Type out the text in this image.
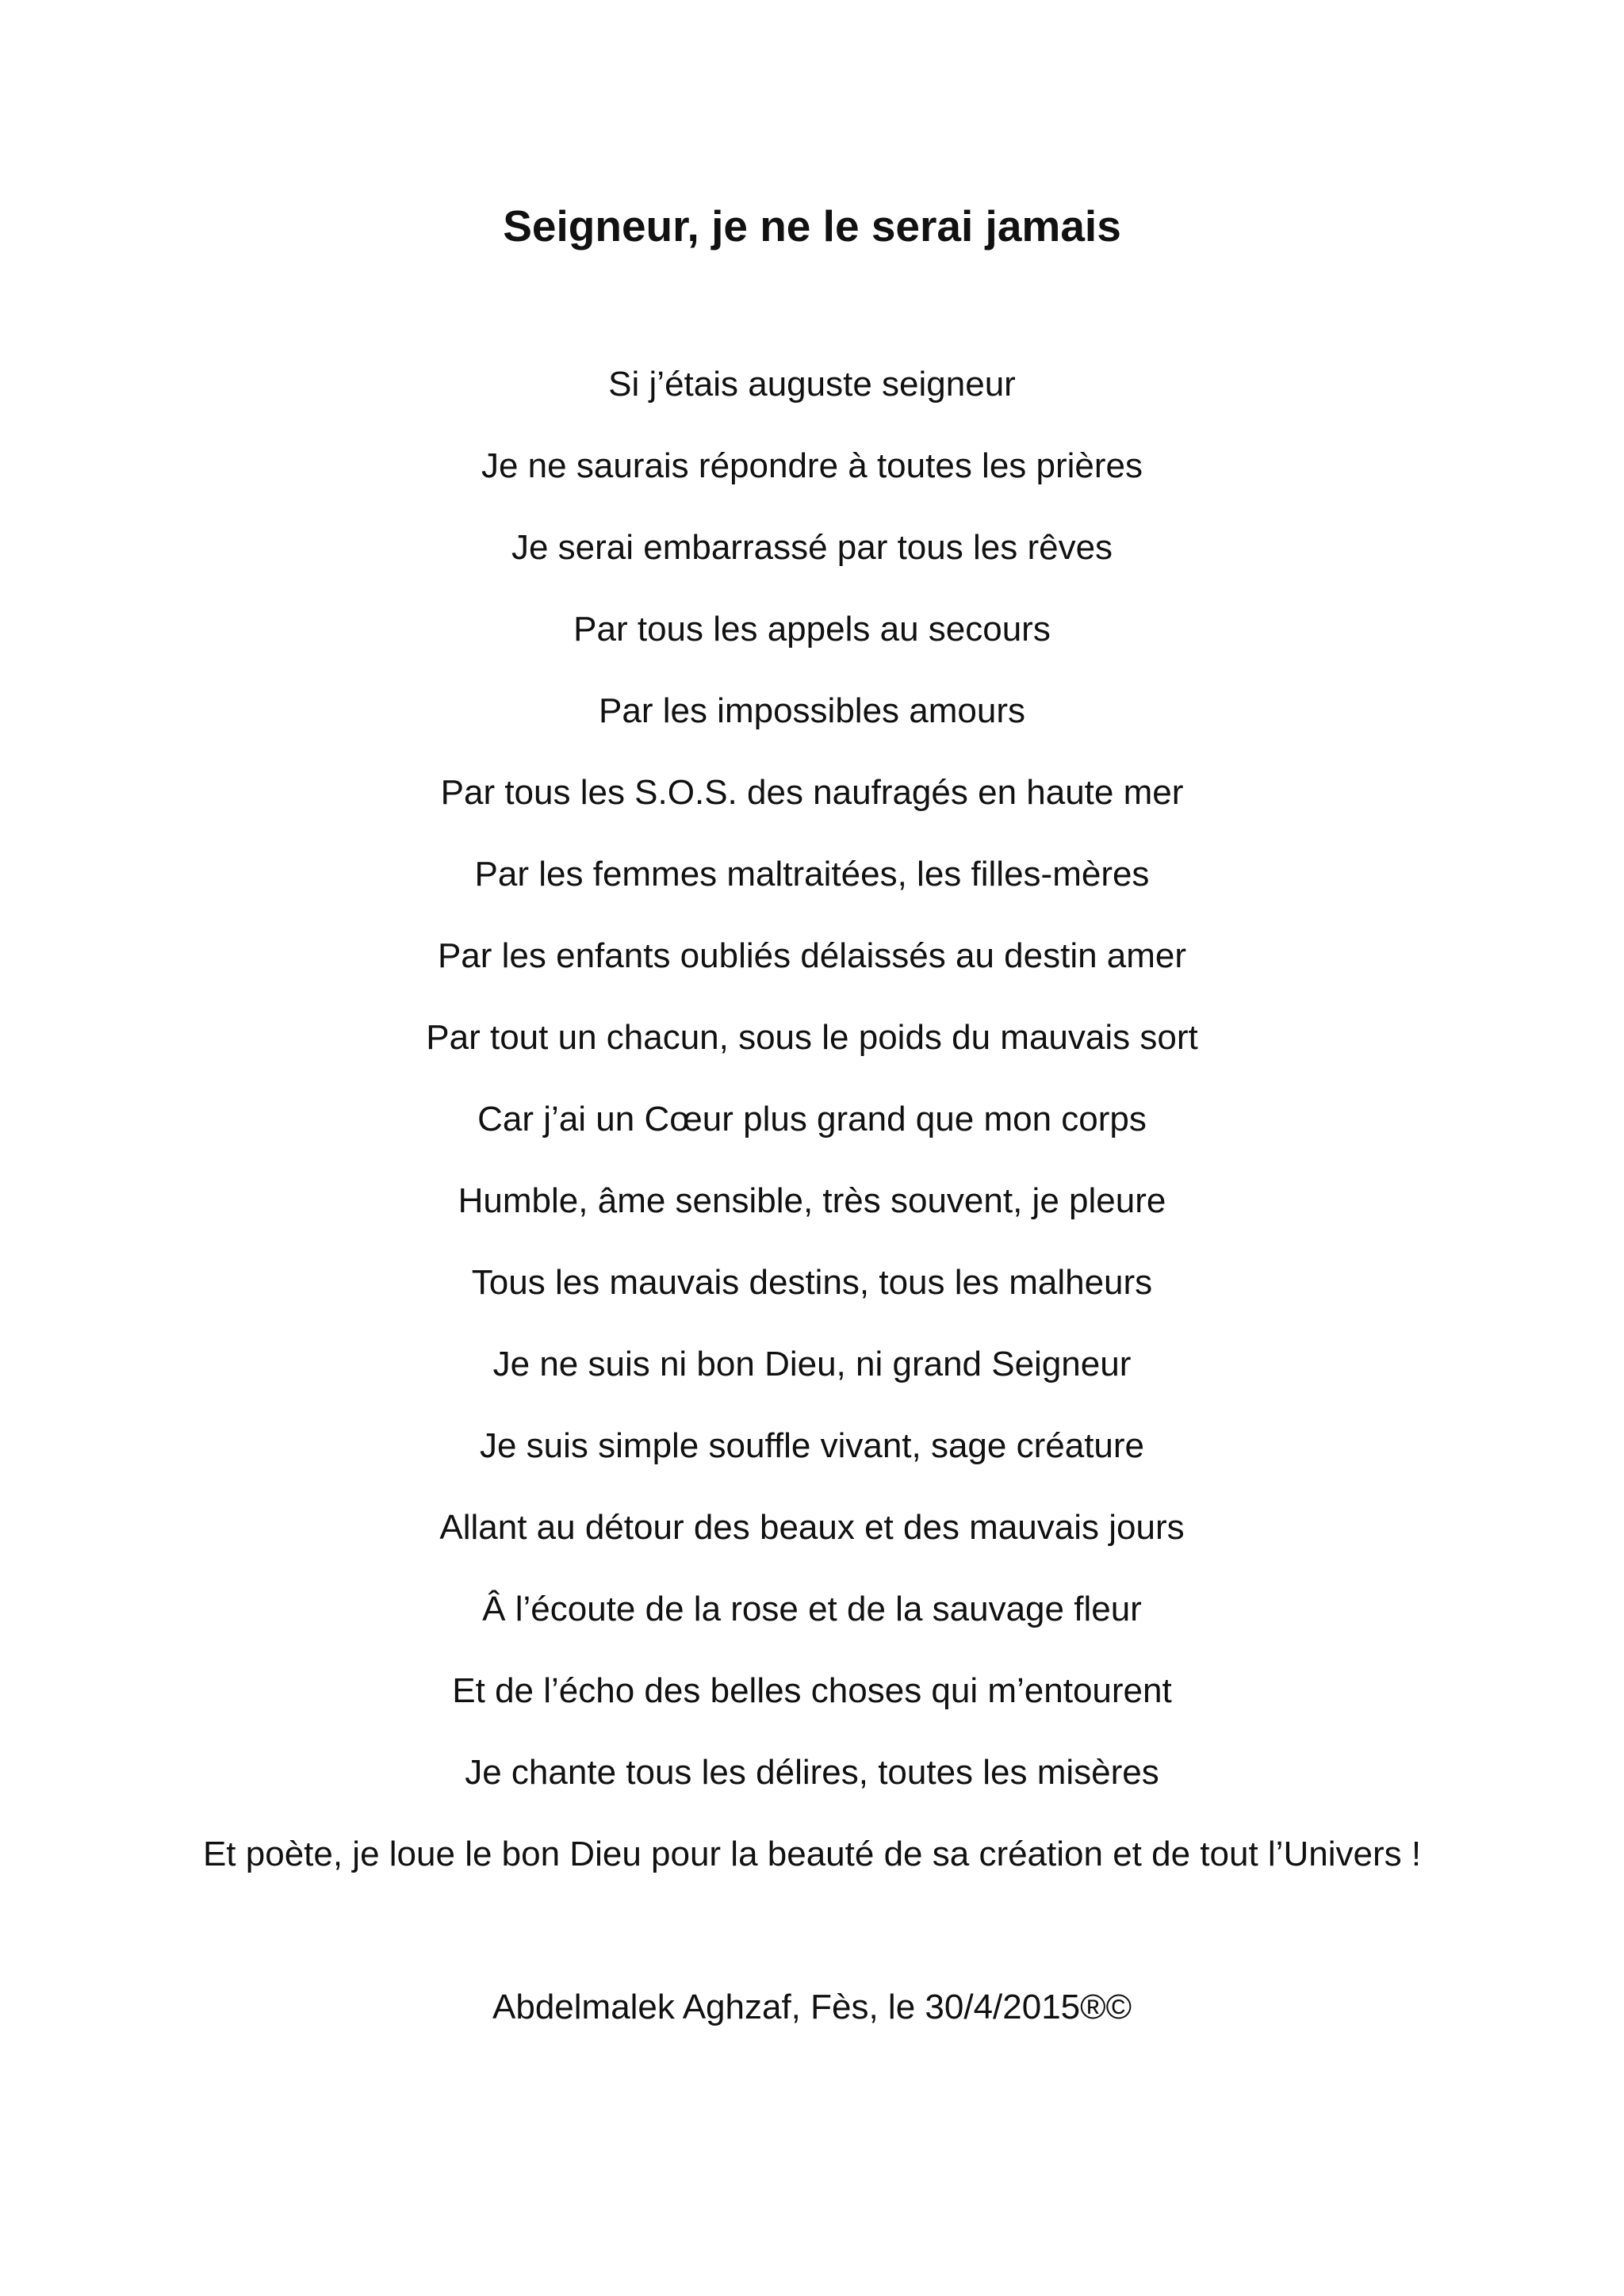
Seigneur, je ne le serai jamais
Si j’étais auguste seigneur
Je ne saurais répondre à toutes les prières
Je serai embarrassé par tous les rêves
Par tous les appels au secours
Par les impossibles amours
Par tous les S.O.S. des naufragés en haute mer
Par les femmes maltraitées, les filles-mères
Par les enfants oubliés délaissés au destin amer
Par tout un chacun, sous le poids du mauvais sort
Car j’ai un Cœur plus grand que mon corps
Humble, âme sensible, très souvent, je pleure
Tous les mauvais destins, tous les malheurs
Je ne suis ni bon Dieu, ni grand Seigneur
Je suis simple souffle vivant, sage créature
Allant au détour des beaux et des mauvais jours
Â l’écoute de la rose et de la sauvage fleur
Et de l’écho des belles choses qui m’entourent
Je chante tous les délires, toutes les misères
Et poète, je loue le bon Dieu pour la beauté de sa création et de tout l’Univers !
Abdelmalek Aghzaf, Fès, le 30/4/2015®©
